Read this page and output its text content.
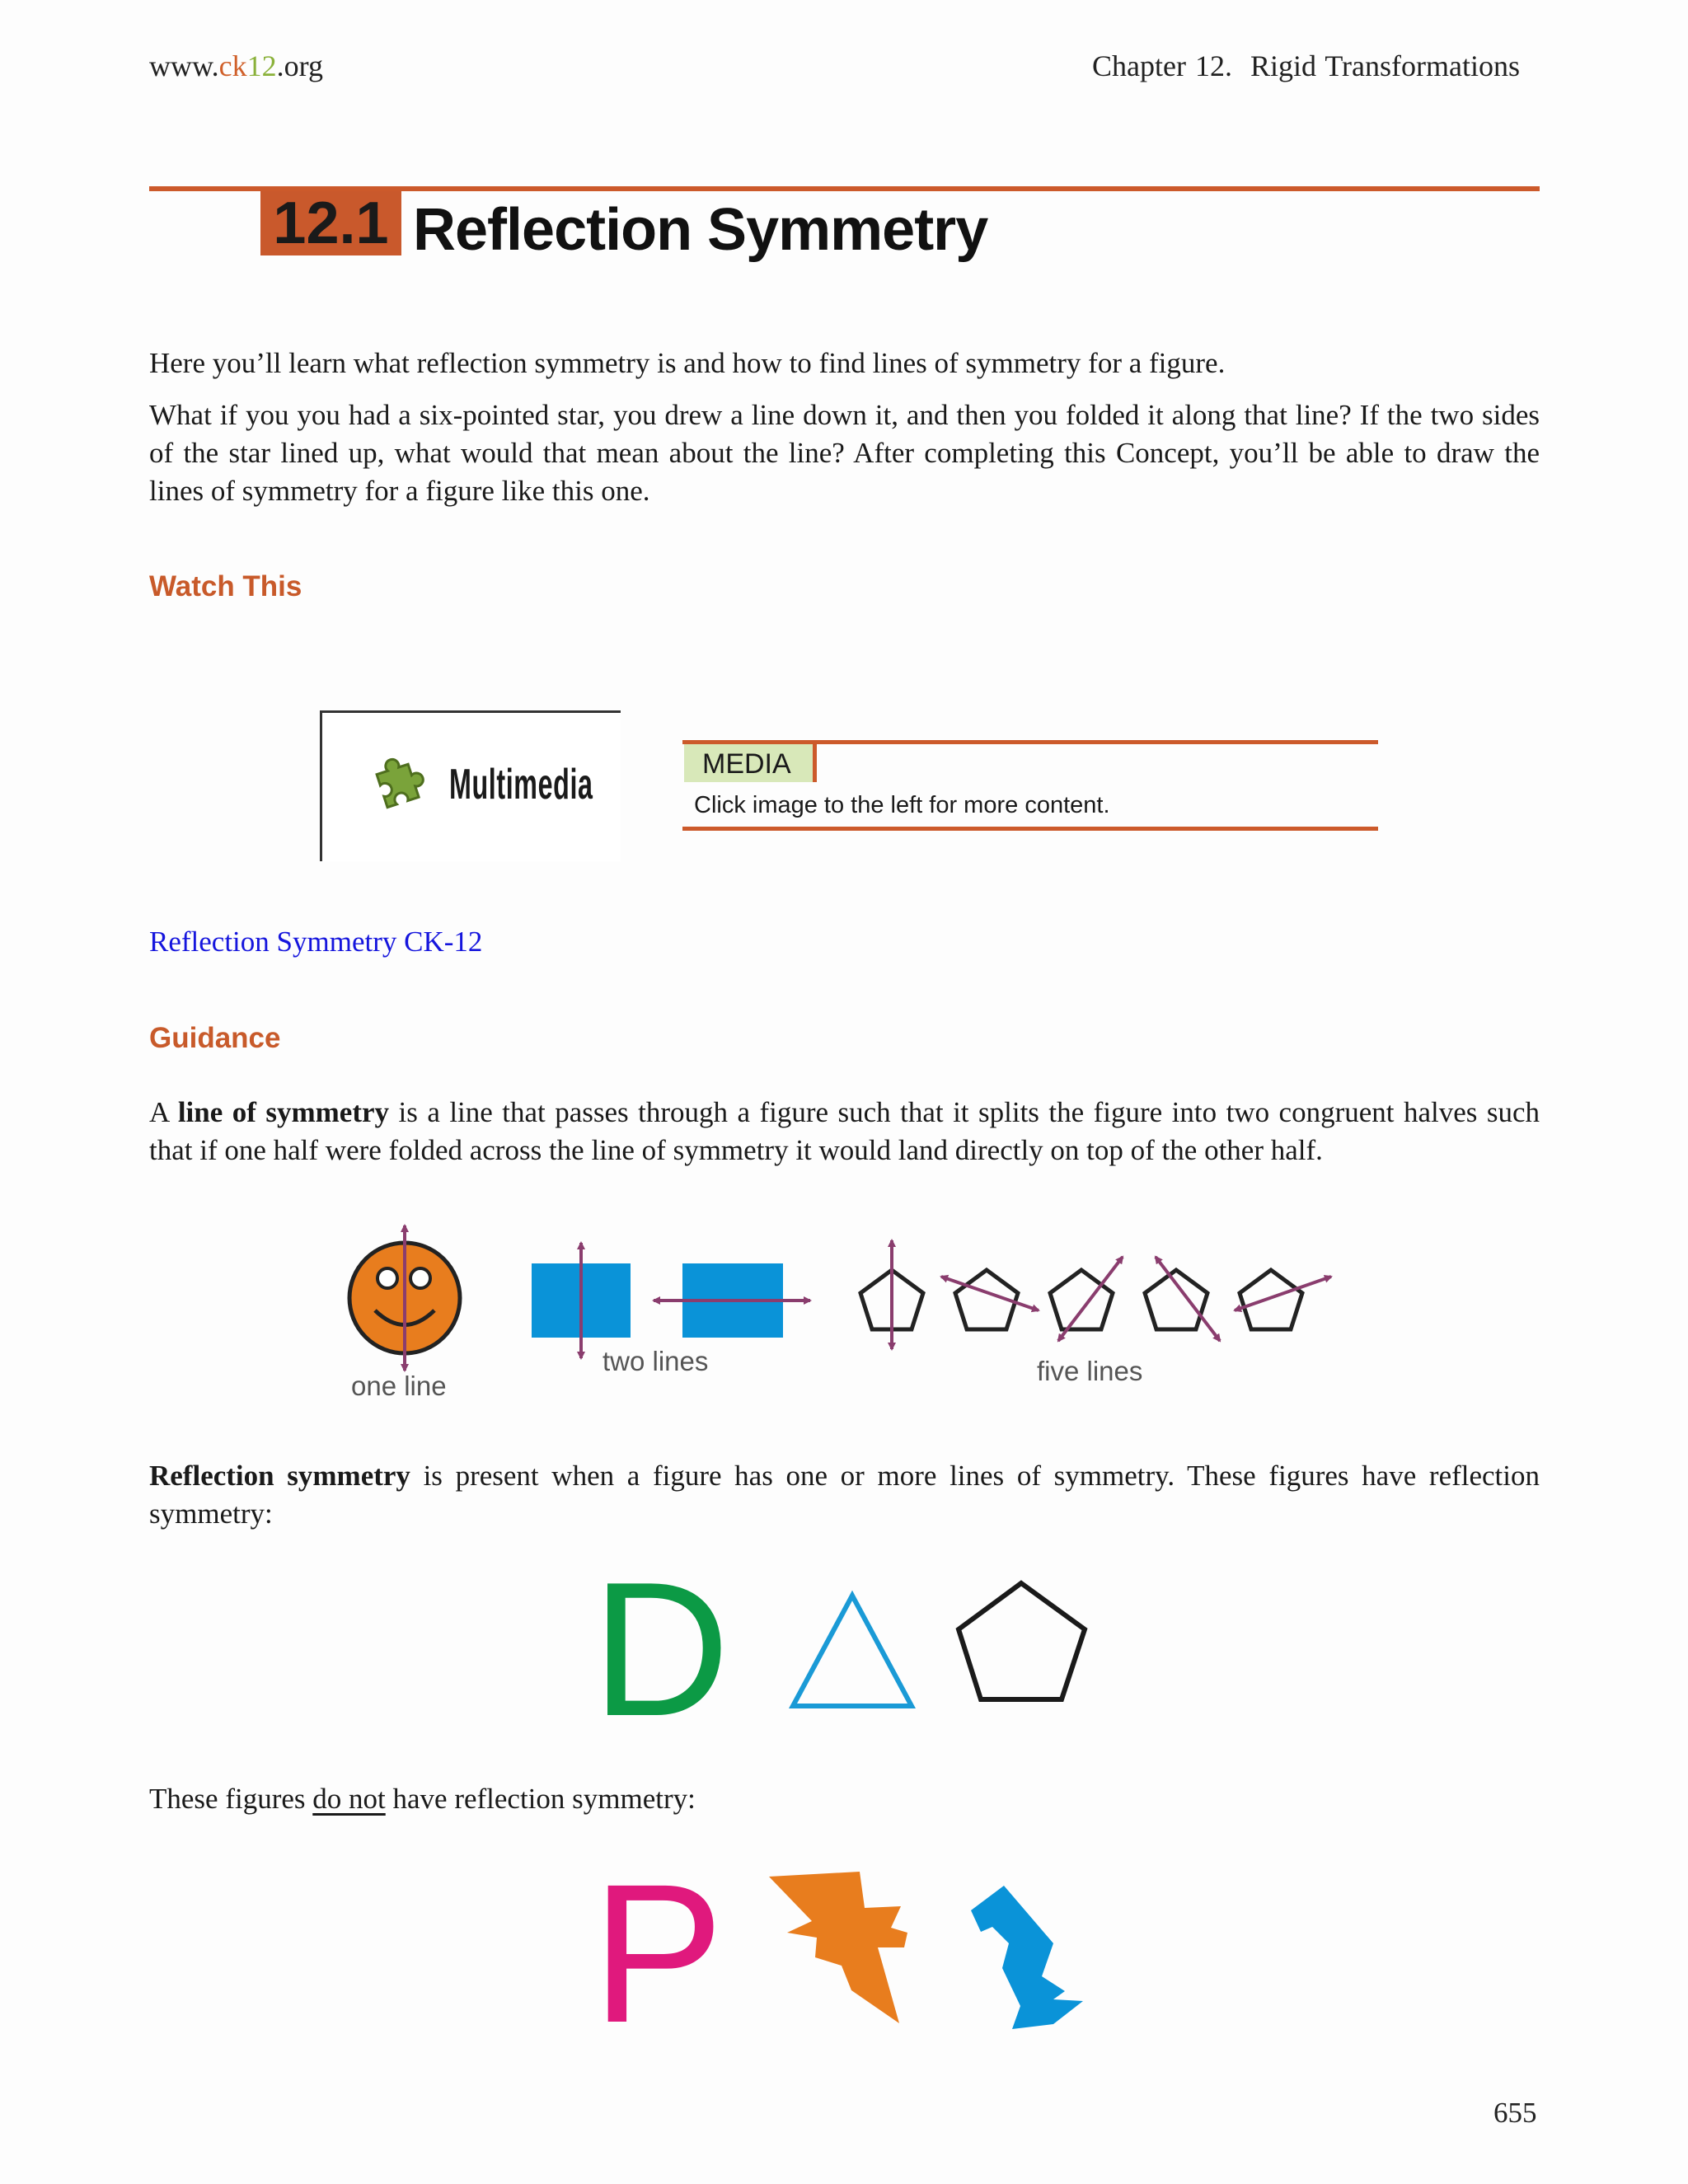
www.ck12.org	Chapter 12. Rigid Transformations
12.1 Reflection Symmetry
Here you’ll learn what reflection symmetry is and how to find lines of symmetry for a figure.
What if you you had a six-pointed star, you drew a line down it, and then you folded it along that line? If the two sides of the star lined up, what would that mean about the line? After completing this Concept, you’ll be able to draw the lines of symmetry for a figure like this one.
Watch This
Multimedia	MEDIA
Click image to the left for more content.
Reflection Symmetry CK-12
Guidance
A line of symmetry is a line that passes through a figure such that it splits the figure into two congruent halves such that if one half were folded across the line of symmetry it would land directly on top of the other half.
one line
two lines	five lines
Reflection symmetry is present when a figure has one or more lines of symmetry. These figures have reflection symmetry:
D
These figures do not have reflection symmetry:
P
655
